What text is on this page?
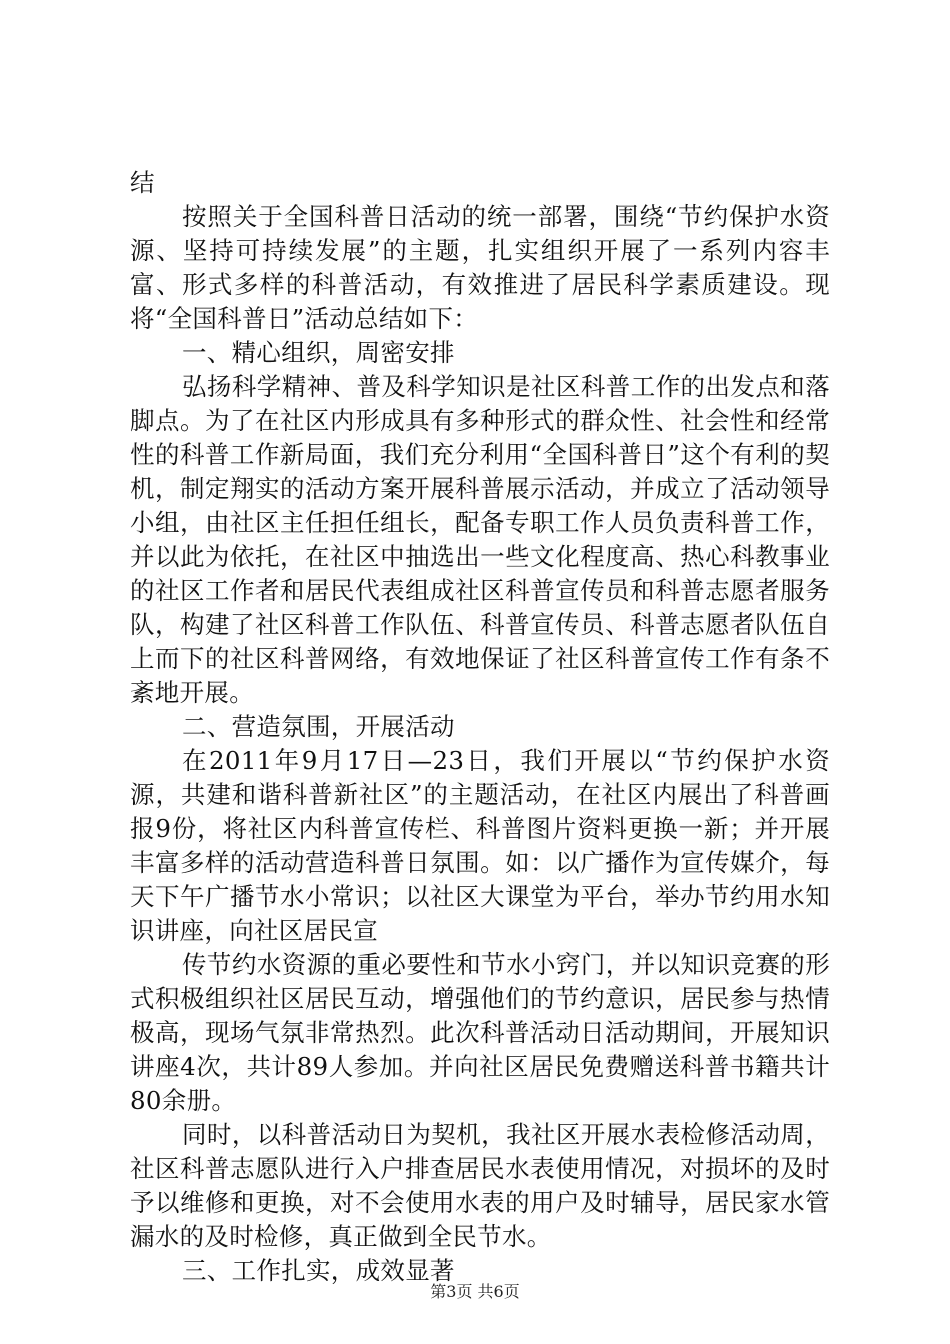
结

按照关于全国科普日活动的统一部署，围绕“节约保护水资源、坚持可持续发展”的主题，扎实组织开展了一系列内容丰富、形式多样的科普活动，有效推进了居民科学素质建设。现将“全国科普日”活动总结如下：

一、精心组织，周密安排

弘扬科学精神、普及科学知识是社区科普工作的出发点和落脚点。为了在社区内形成具有多种形式的群众性、社会性和经常性的科普工作新局面，我们充分利用“全国科普日”这个有利的契机，制定翔实的活动方案开展科普展示活动，并成立了活动领导小组，由社区主任担任组长，配备专职工作人员负责科普工作，并以此为依托，在社区中抽选出一些文化程度高、热心科教事业的社区工作者和居民代表组成社区科普宣传员和科普志愿者服务队，构建了社区科普工作队伍、科普宣传员、科普志愿者队伍自上而下的社区科普网络，有效地保证了社区科普宣传工作有条不紊地开展。

二、营造氛围，开展活动

在2011年9月17日—23日，我们开展以“节约保护水资源，共建和谐科普新社区”的主题活动，在社区内展出了科普画报9份，将社区内科普宣传栏、科普图片资料更换一新；并开展丰富多样的活动营造科普日氛围。如：以广播作为宣传媒介，每天下午广播节水小常识；以社区大课堂为平台，举办节约用水知识讲座，向社区居民宣

传节约水资源的重必要性和节水小窍门，并以知识竞赛的形式积极组织社区居民互动，增强他们的节约意识，居民参与热情极高，现场气氛非常热烈。此次科普活动日活动期间，开展知识讲座4次，共计89人参加。并向社区居民免费赠送科普书籍共计80余册。

同时，以科普活动日为契机，我社区开展水表检修活动周，社区科普志愿队进行入户排查居民水表使用情况，对损坏的及时予以维修和更换，对不会使用水表的用户及时辅导，居民家水管漏水的及时检修，真正做到全民节水。

三、工作扎实，成效显著

第3页 共6页
